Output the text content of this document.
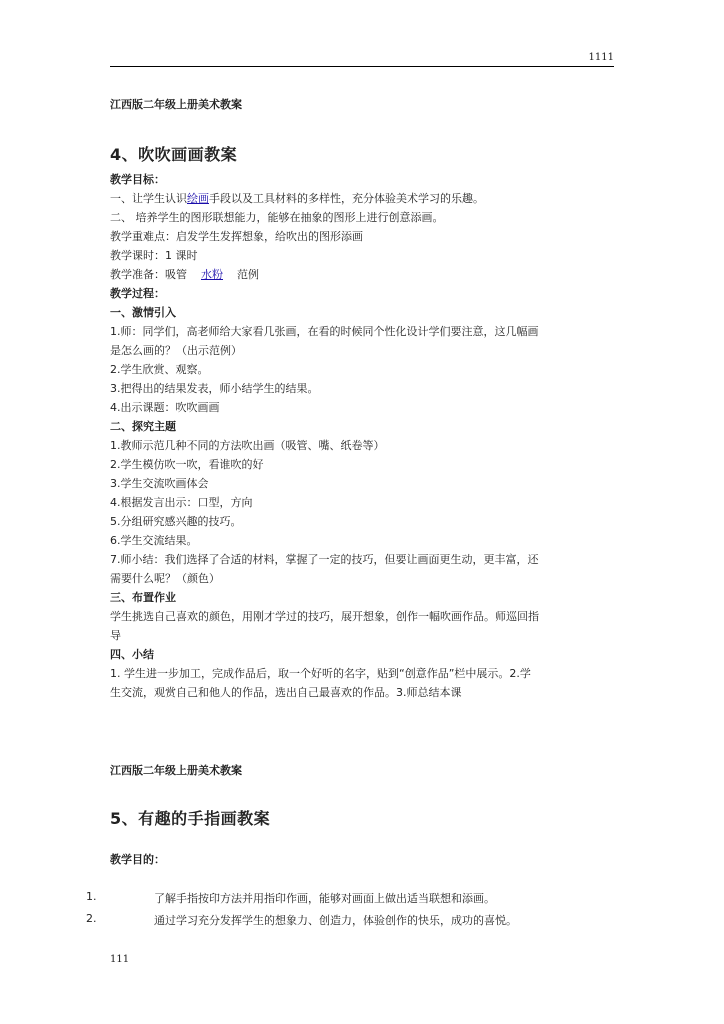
1111
江西版二年级上册美术教案
4、吹吹画画教案
教学目标：
一、让学生认识绘画手段以及工具材料的多样性，充分体验美术学习的乐趣。
二、 培养学生的图形联想能力，能够在抽象的图形上进行创意添画。
教学重难点：启发学生发挥想象，给吹出的图形添画
教学课时：1 课时
教学准备：吸管 水粉 范例
教学过程：
一、激情引入
1.师：同学们，高老师给大家看几张画，在看的时候同个性化设计学们要注意，这几幅画
是怎么画的？（出示范例）
2.学生欣赏、观察。
3.把得出的结果发表，师小结学生的结果。
4.出示课题：吹吹画画
二、探究主题
1.教师示范几种不同的方法吹出画（吸管、嘴、纸卷等）
2.学生模仿吹一吹，看谁吹的好
3.学生交流吹画体会
4.根据发言出示：口型，方向
5.分组研究感兴趣的技巧。
6.学生交流结果。
7.师小结：我们选择了合适的材料，掌握了一定的技巧，但要让画面更生动，更丰富，还
需要什么呢？（颜色）
三、布置作业
学生挑选自己喜欢的颜色，用刚才学过的技巧，展开想象，创作一幅吹画作品。师巡回指
导
四、小结
1. 学生进一步加工，完成作品后，取一个好听的名字，贴到“创意作品”栏中展示。2.学
生交流，观赏自己和他人的作品，选出自己最喜欢的作品。3.师总结本课
江西版二年级上册美术教案
5、有趣的手指画教案
教学目的：
1.	了解手指按印方法并用指印作画，能够对画面上做出适当联想和添画。
2.	通过学习充分发挥学生的想象力、创造力，体验创作的快乐，成功的喜悦。
111
